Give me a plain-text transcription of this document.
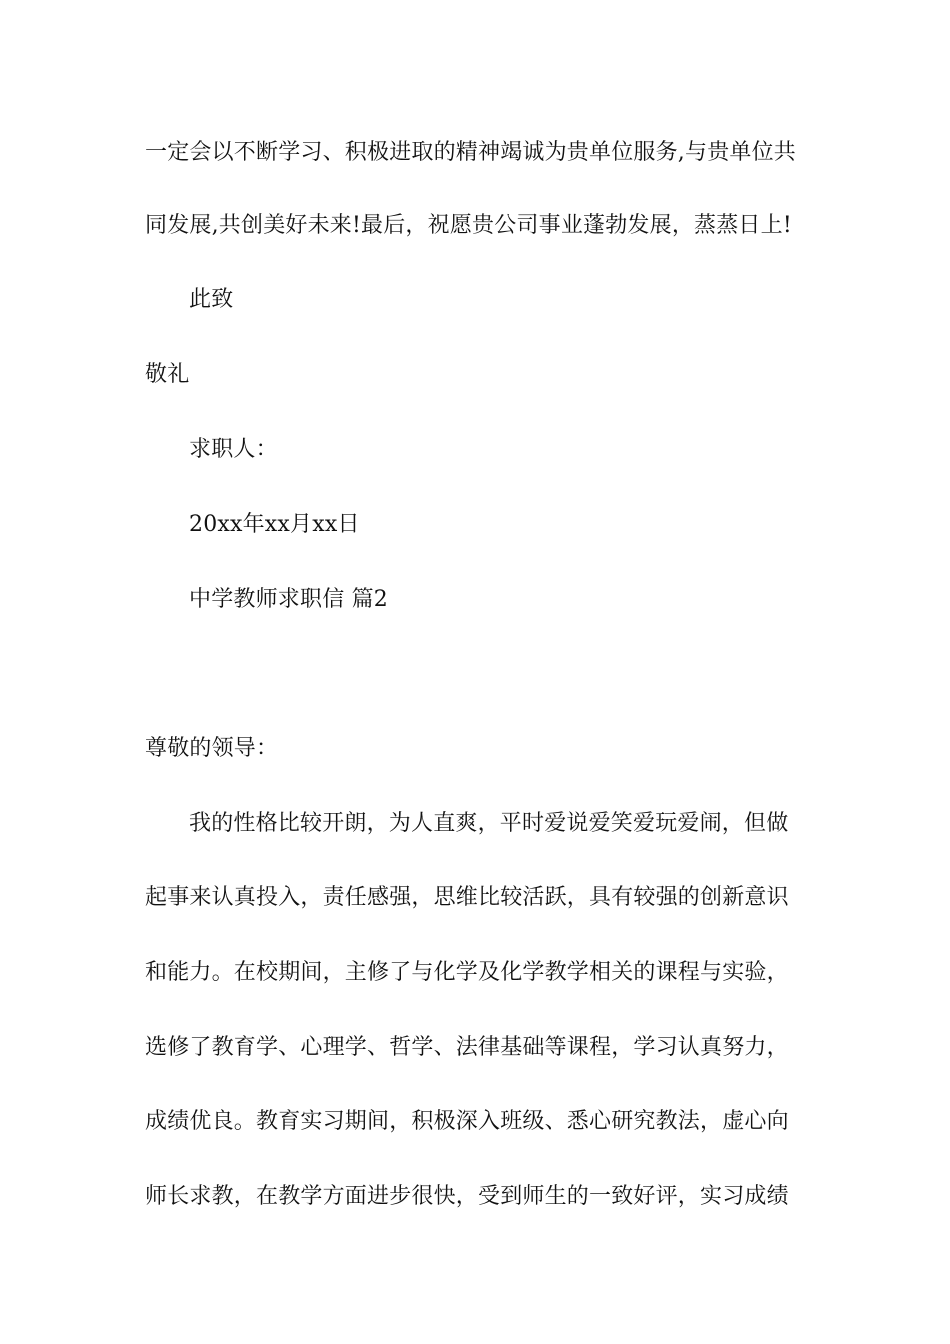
一定会以不断学习、积极进取的精神竭诚为贵单位服务,与贵单位共
同发展,共创美好未来!最后，祝愿贵公司事业蓬勃发展，蒸蒸日上!
此致
敬礼
求职人：
20xx年xx月xx日
中学教师求职信 篇2
尊敬的领导：
我的性格比较开朗，为人直爽，平时爱说爱笑爱玩爱闹，但做
起事来认真投入，责任感强，思维比较活跃，具有较强的创新意识
和能力。在校期间，主修了与化学及化学教学相关的课程与实验，
选修了教育学、心理学、哲学、法律基础等课程，学习认真努力，
成绩优良。教育实习期间，积极深入班级、悉心研究教法，虚心向
师长求教，在教学方面进步很快，受到师生的一致好评，实习成绩
